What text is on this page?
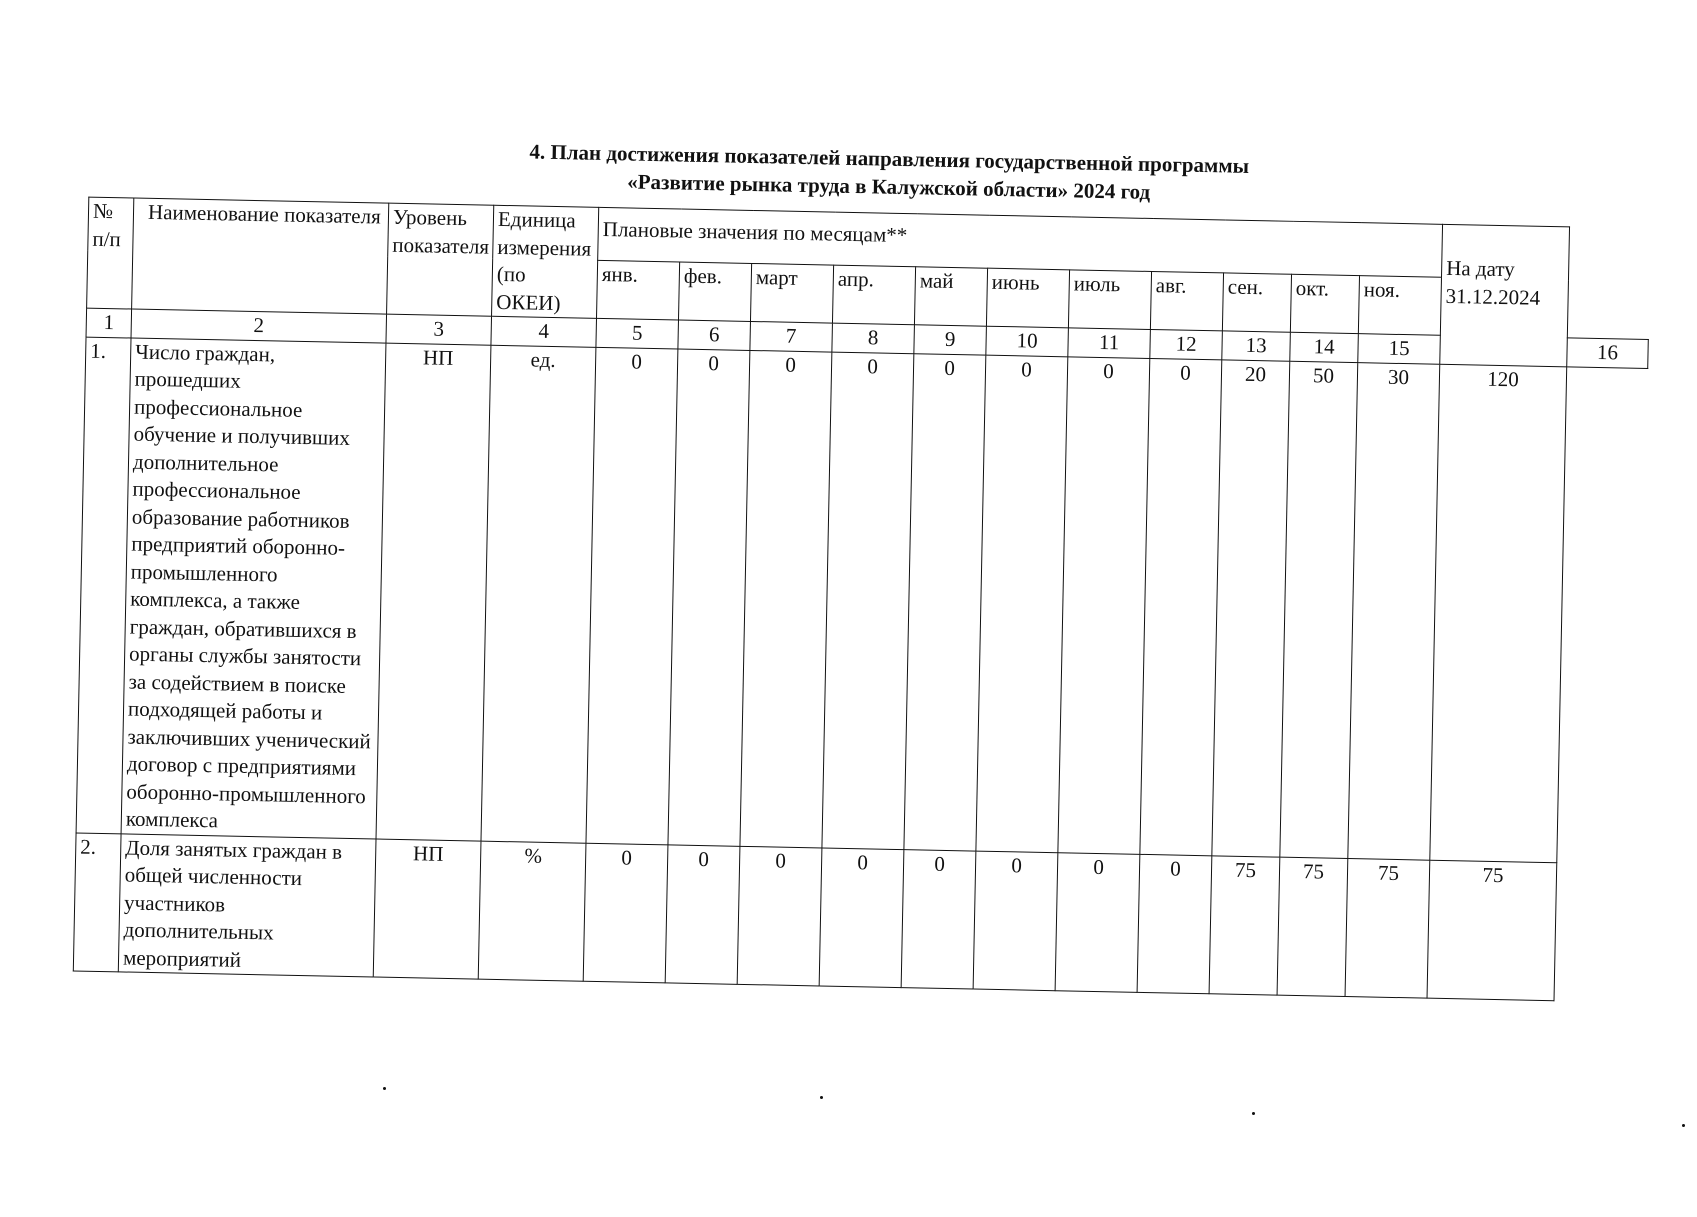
4. План достижения показателей направления государственной программы
«Развитие рынка труда в Калужской области» 2024 год
№ п/п	Наименование показателя	Уровень показателя	Единица измерения (по ОКЕИ)	Плановые значения по месяцам**											На дату 31.12.2024	
				янв.	фев.	март	апр.	май	июнь	июль	авг.	сен.	окт.	ноя.		
1	2	3	4	5	6	7	8	9	10	11	12	13	14	15		16
1.	Число граждан, прошедших профессиональное обучение и получивших дополнительное профессиональное образование работников предприятий оборонно-промышленного комплекса, а также граждан, обратившихся в органы службы занятости за содействием в поиске подходящей работы и заключивших ученический договор с предприятиями оборонно-промышленного комплекса	НП	ед.	0	0	0	0	0	0	0	0	20	50	30	120	
2.	Доля занятых граждан в общей численности участников дополнительных мероприятий	НП	%	0	0	0	0	0	0	0	0	75	75	75	75	
